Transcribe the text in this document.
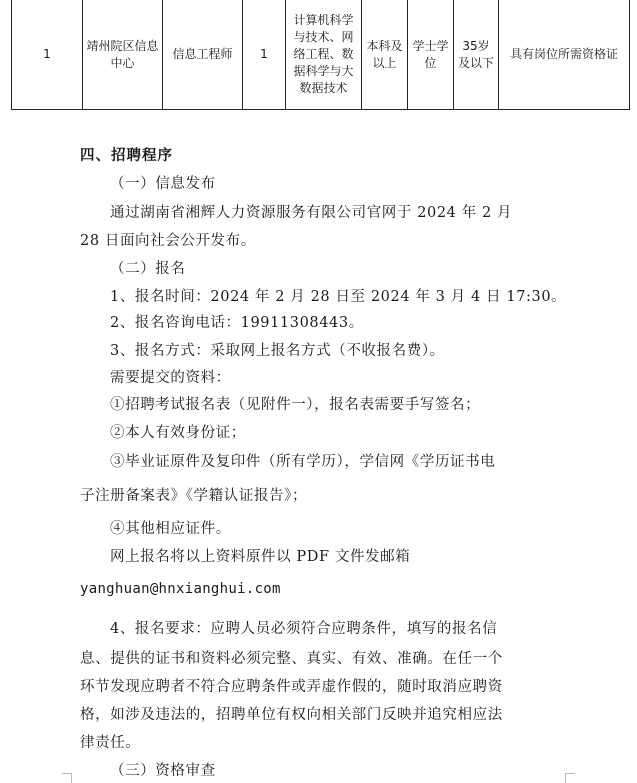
1	靖州院区信息中心	信息工程师	1	计算机科学与技术、网络工程、数据科学与大数据技术	本科及以上	学士学位	35岁及以下	具有岗位所需资格证
四、招聘程序
（一）信息发布
通过湖南省湘辉人力资源服务有限公司官网于 2024 年 2 月
28 日面向社会公开发布。
（二）报名
1、报名时间：2024 年 2 月 28 日至 2024 年 3 月 4 日 17:30。
2、报名咨询电话：19911308443。
3、报名方式：采取网上报名方式（不收报名费）。
需要提交的资料：
①招聘考试报名表（见附件一），报名表需要手写签名；
②本人有效身份证；
③毕业证原件及复印件（所有学历），学信网《学历证书电
子注册备案表》《学籍认证报告》；
④其他相应证件。
网上报名将以上资料原件以 PDF 文件发邮箱
yanghuan@hnxianghui.com
4、报名要求：应聘人员必须符合应聘条件，填写的报名信
息、提供的证书和资料必须完整、真实、有效、准确。在任一个
环节发现应聘者不符合应聘条件或弄虚作假的，随时取消应聘资
格，如涉及违法的，招聘单位有权向相关部门反映并追究相应法
律责任。
（三）资格审查
